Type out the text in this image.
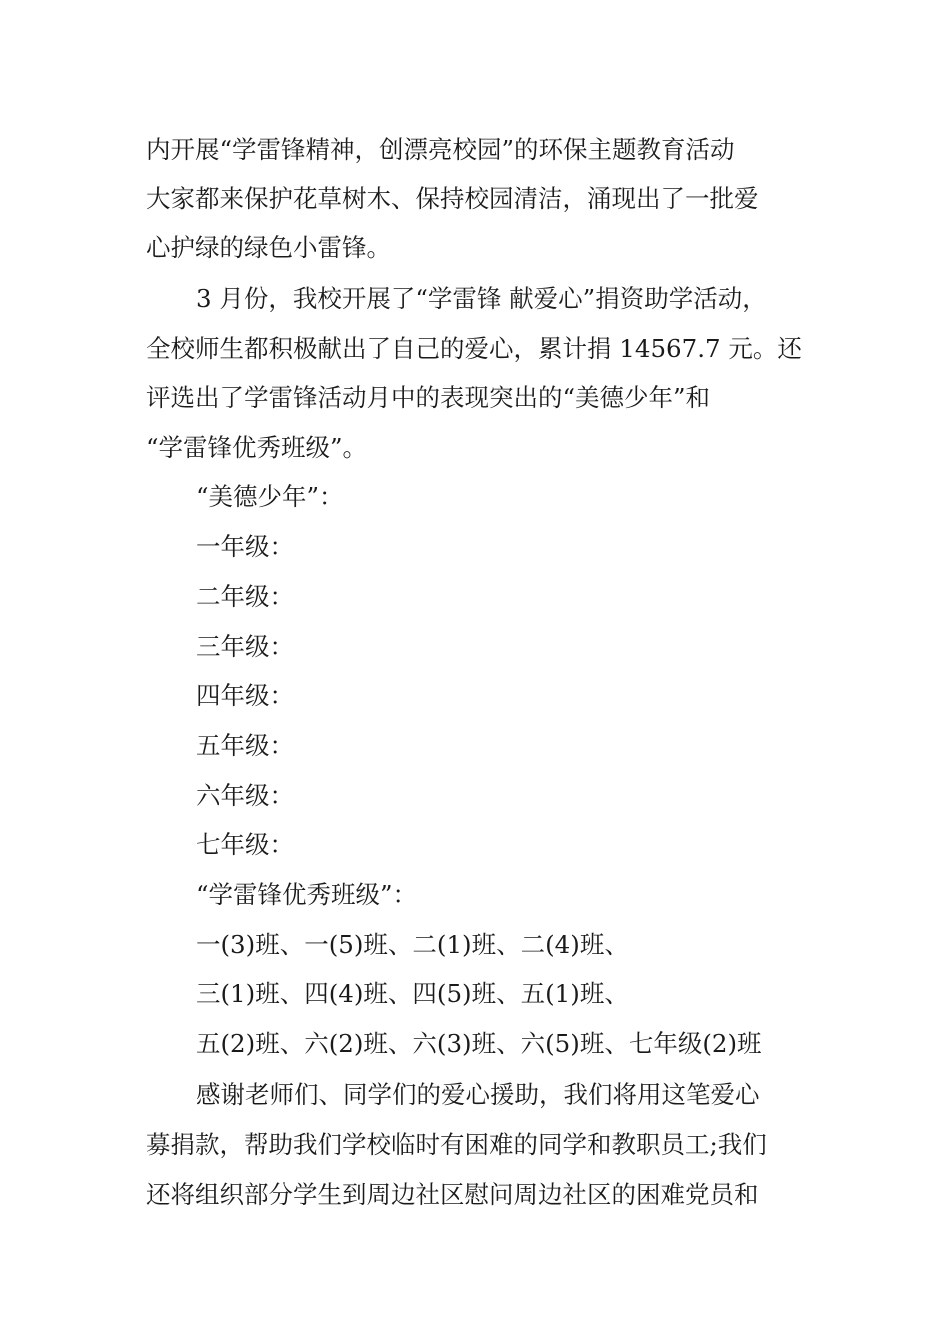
内开展“学雷锋精神，创漂亮校园”的环保主题教育活动
大家都来保护花草树木、保持校园清洁，涌现出了一批爱
心护绿的绿色小雷锋。
3 月份，我校开展了“学雷锋 献爱心”捐资助学活动，
全校师生都积极献出了自己的爱心，累计捐 14567.7 元。还
评选出了学雷锋活动月中的表现突出的“美德少年”和
“学雷锋优秀班级”。
“美德少年”：
一年级：
二年级：
三年级：
四年级：
五年级：
六年级：
七年级：
“学雷锋优秀班级”：
一(3)班、一(5)班、二(1)班、二(4)班、
三(1)班、四(4)班、四(5)班、五(1)班、
五(2)班、六(2)班、六(3)班、六(5)班、七年级(2)班
感谢老师们、同学们的爱心援助，我们将用这笔爱心
募捐款，帮助我们学校临时有困难的同学和教职员工;我们
还将组织部分学生到周边社区慰问周边社区的困难党员和
